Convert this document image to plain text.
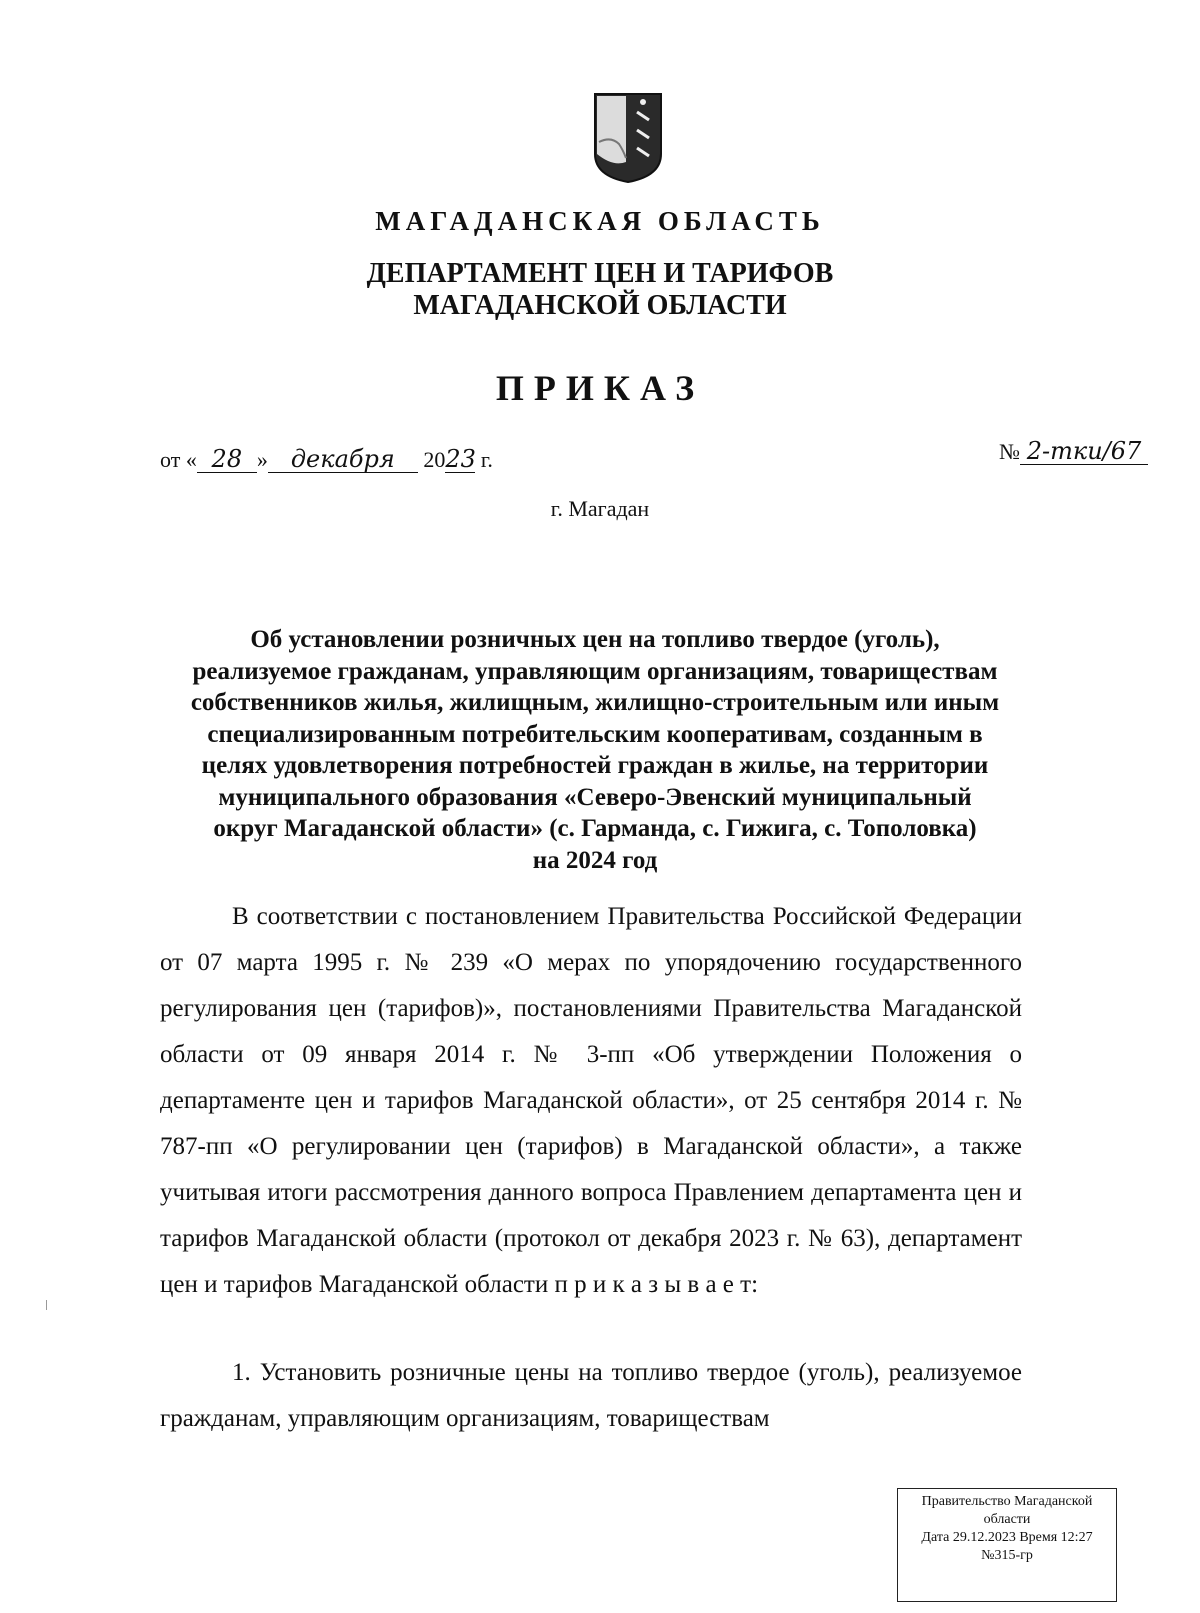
МАГАДАНСКАЯ ОБЛАСТЬ
ДЕПАРТАМЕНТ ЦЕН И ТАРИФОВ
МАГАДАНСКОЙ ОБЛАСТИ
ПРИКАЗ
от « 28 » декабря 2023 г.	№ 2-тки/67
г. Магадан
Об установлении розничных цен на топливо твердое (уголь),
реализуемое гражданам, управляющим организациям, товариществам
собственников жилья, жилищным, жилищно-строительным или иным
специализированным потребительским кооперативам, созданным в
целях удовлетворения потребностей граждан в жилье, на территории
муниципального образования «Северо-Эвенский муниципальный
округ Магаданской области» (с. Гарманда, с. Гижига, с. Тополовка)
на 2024 год
В соответствии с постановлением Правительства Российской Федерации от 07 марта 1995 г. № 239 «О мерах по упорядочению государственного регулирования цен (тарифов)», постановлениями Правительства Магаданской области от 09 января 2014 г. № 3-пп «Об утверждении Положения о департаменте цен и тарифов Магаданской области», от 25 сентября 2014 г. № 787-пп «О регулировании цен (тарифов) в Магаданской области», а также учитывая итоги рассмотрения данного вопроса Правлением департамента цен и тарифов Магаданской области (протокол от декабря 2023 г. № 63), департамент цен и тарифов Магаданской области п р и к а з ы в а е т:
1. Установить розничные цены на топливо твердое (уголь), реализуемое гражданам, управляющим организациям, товариществам
Правительство Магаданской
области
Дата 29.12.2023 Время 12:27
№315-гр
